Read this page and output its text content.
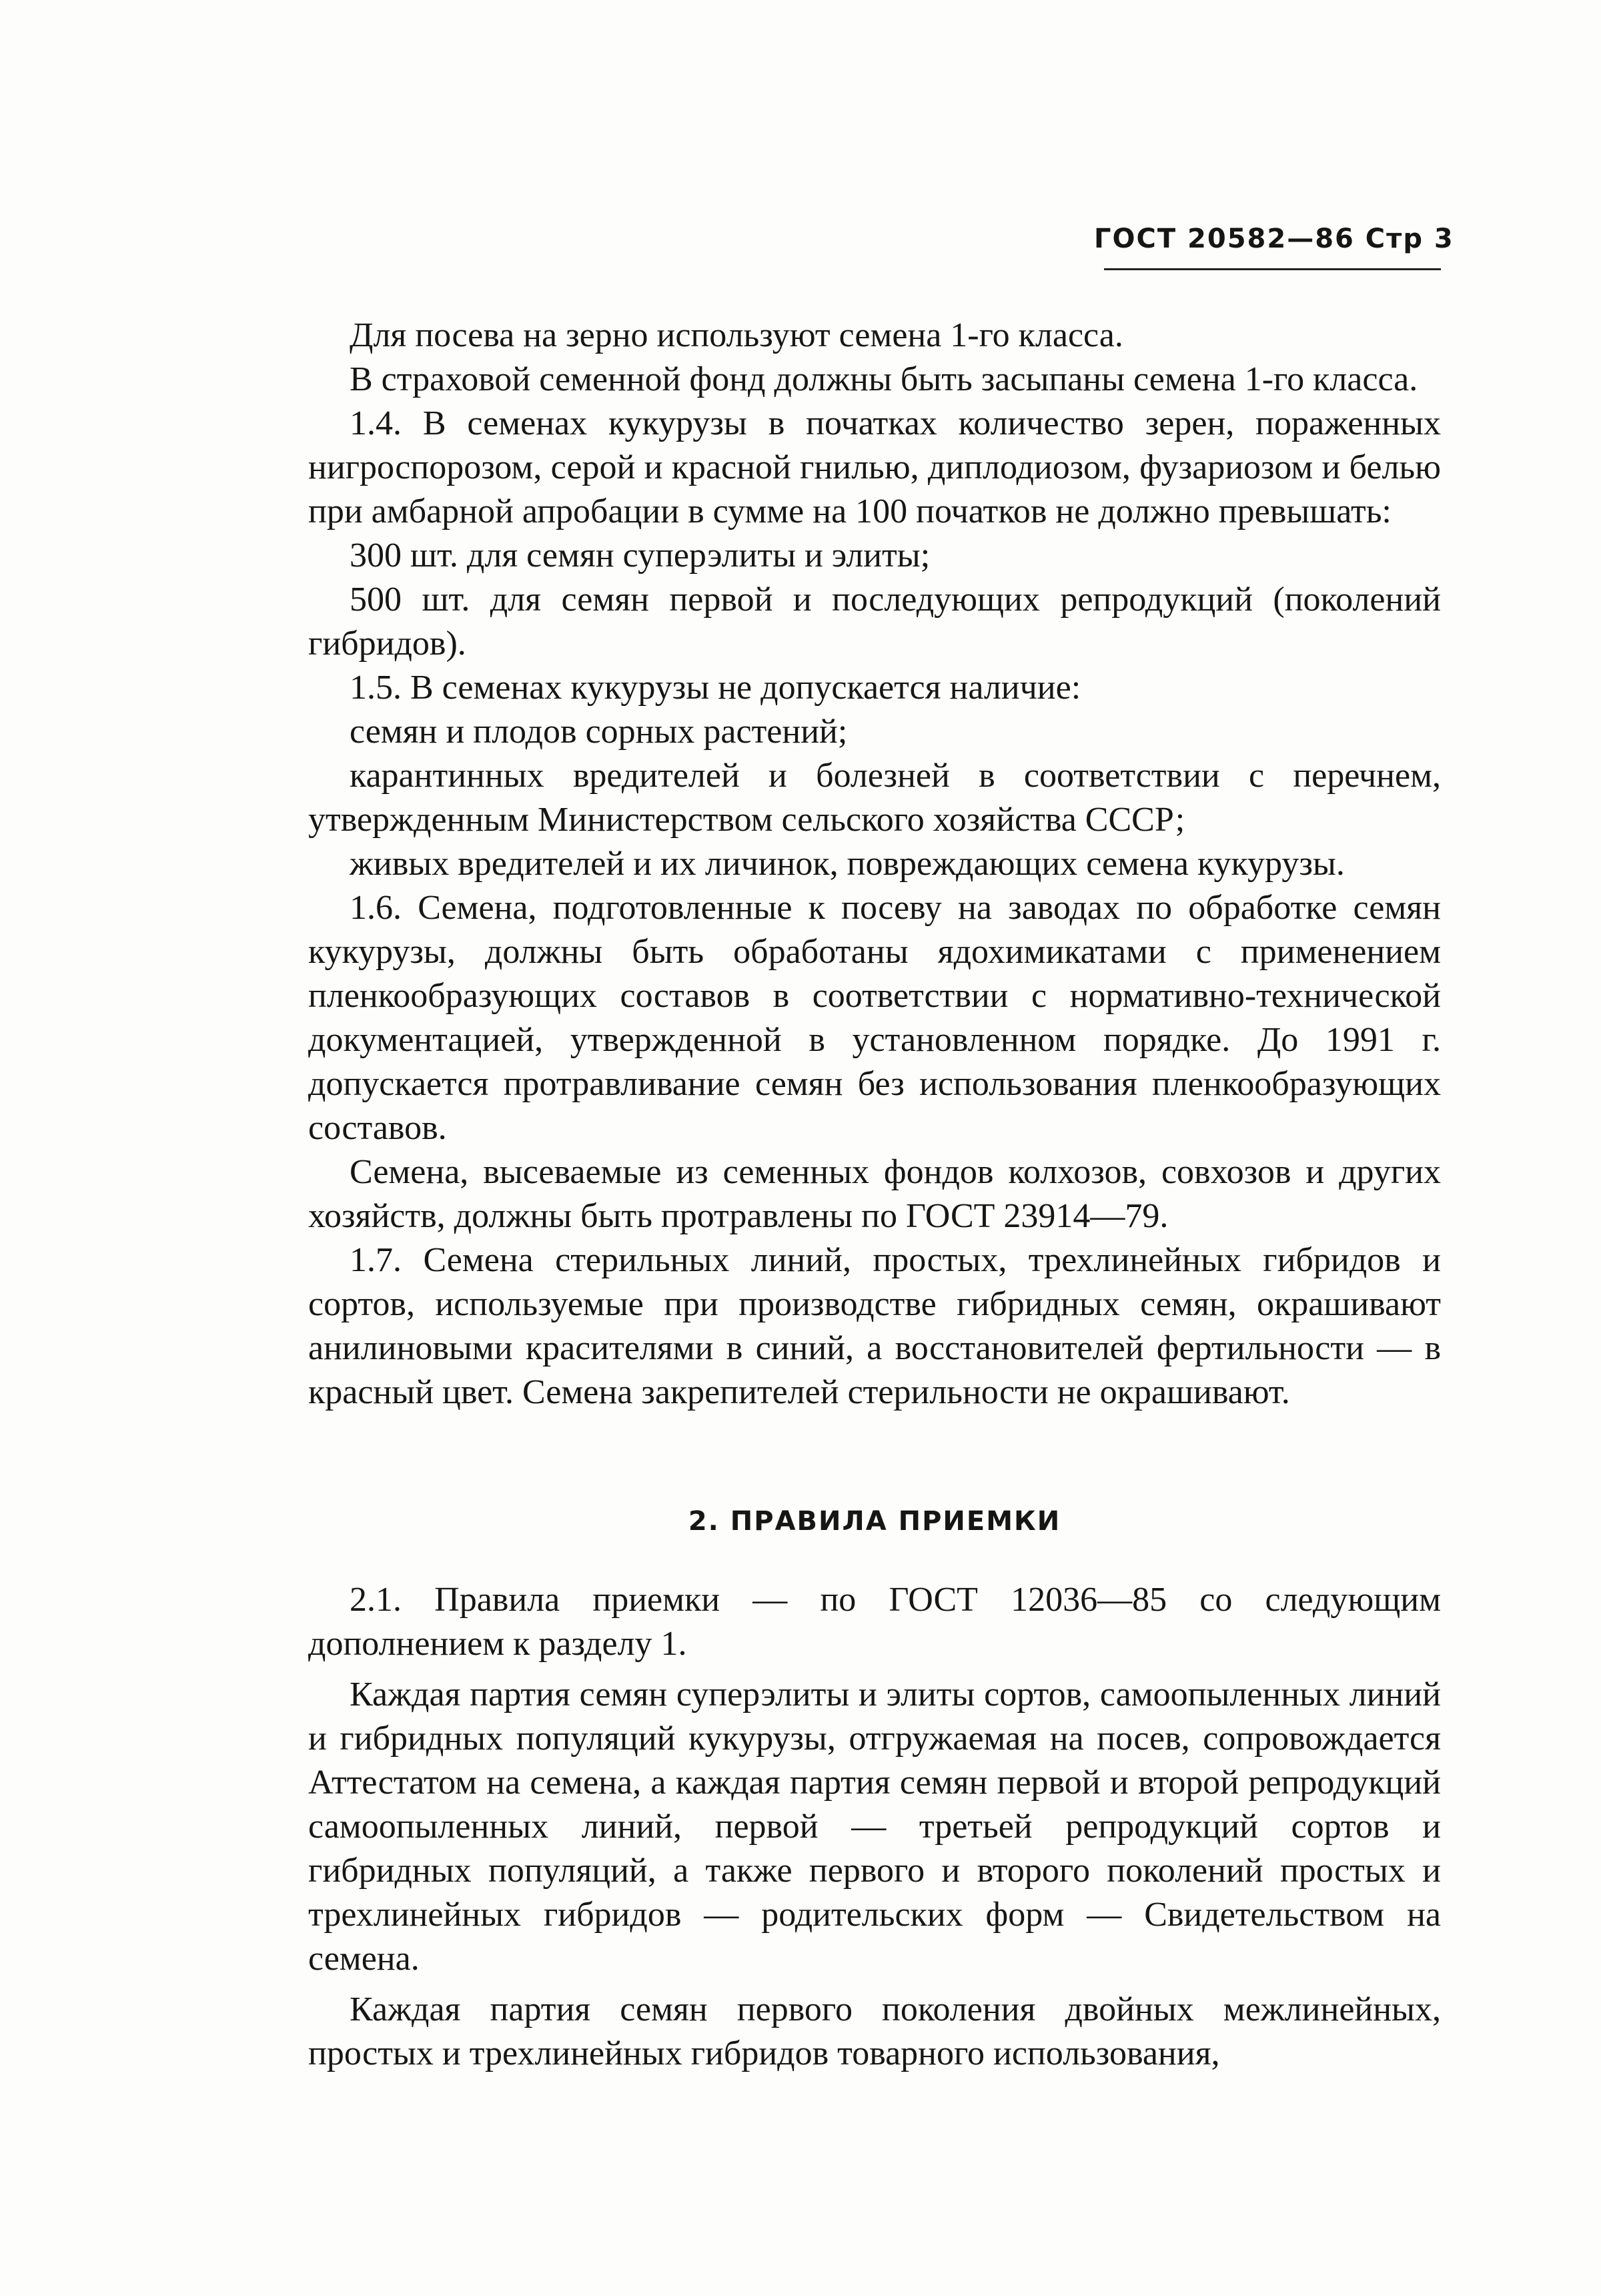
ГОСТ 20582—86 Стр 3

Для посева на зерно используют семена 1-го класса.

В страховой семенной фонд должны быть засыпаны семена 1-го класса.

1.4. В семенах кукурузы в початках количество зерен, пораженных нигроспорозом, серой и красной гнилью, диплодиозом, фузариозом и белью при амбарной апробации в сумме на 100 початков не должно превышать:

300 шт. для семян суперэлиты и элиты;

500 шт. для семян первой и последующих репродукций (поколений гибридов).

1.5. В семенах кукурузы не допускается наличие:

семян и плодов сорных растений;

карантинных вредителей и болезней в соответствии с перечнем, утвержденным Министерством сельского хозяйства СССР;

живых вредителей и их личинок, повреждающих семена кукурузы.

1.6. Семена, подготовленные к посеву на заводах по обработке семян кукурузы, должны быть обработаны ядохимикатами с применением пленкообразующих составов в соответствии с нормативно-технической документацией, утвержденной в установленном порядке. До 1991 г. допускается протравливание семян без использования пленкообразующих составов.

Семена, высеваемые из семенных фондов колхозов, совхозов и других хозяйств, должны быть протравлены по ГОСТ 23914—79.

1.7. Семена стерильных линий, простых, трехлинейных гибридов и сортов, используемые при производстве гибридных семян, окрашивают анилиновыми красителями в синий, а восстановителей фертильности — в красный цвет. Семена закрепителей стерильности не окрашивают.

2. ПРАВИЛА ПРИЕМКИ

2.1. Правила приемки — по ГОСТ 12036—85 со следующим дополнением к разделу 1.

Каждая партия семян суперэлиты и элиты сортов, самоопыленных линий и гибридных популяций кукурузы, отгружаемая на посев, сопровождается Аттестатом на семена, а каждая партия семян первой и второй репродукций самоопыленных линий, первой — третьей репродукций сортов и гибридных популяций, а также первого и второго поколений простых и трехлинейных гибридов — родительских форм — Свидетельством на семена.

Каждая партия семян первого поколения двойных межлинейных, простых и трехлинейных гибридов товарного использования,
